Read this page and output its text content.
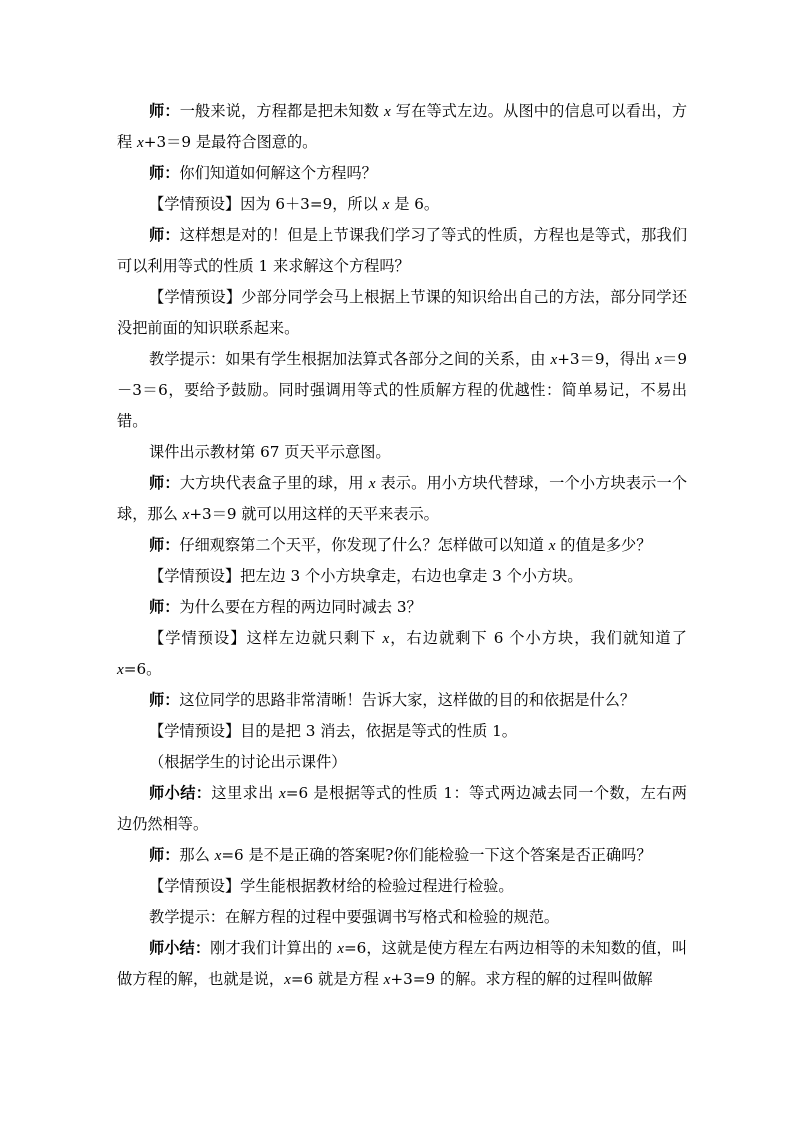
师：一般来说，方程都是把未知数 x 写在等式左边。从图中的信息可以看出，方程 x+3＝9 是最符合图意的。

师：你们知道如何解这个方程吗？

【学情预设】因为 6＋3=9，所以 x 是 6。

师：这样想是对的！但是上节课我们学习了等式的性质，方程也是等式，那我们可以利用等式的性质 1 来求解这个方程吗？

【学情预设】少部分同学会马上根据上节课的知识给出自己的方法，部分同学还没把前面的知识联系起来。

教学提示：如果有学生根据加法算式各部分之间的关系，由 x+3＝9，得出 x＝9－3＝6，要给予鼓励。同时强调用等式的性质解方程的优越性：简单易记，不易出错。

课件出示教材第 67 页天平示意图。

师：大方块代表盒子里的球，用 x 表示。用小方块代替球，一个小方块表示一个球，那么 x+3＝9 就可以用这样的天平来表示。

师：仔细观察第二个天平，你发现了什么？怎样做可以知道 x 的值是多少？

【学情预设】把左边 3 个小方块拿走，右边也拿走 3 个小方块。

师：为什么要在方程的两边同时减去 3？

【学情预设】这样左边就只剩下 x，右边就剩下 6 个小方块，我们就知道了 x=6。

师：这位同学的思路非常清晰！告诉大家，这样做的目的和依据是什么？

【学情预设】目的是把 3 消去，依据是等式的性质 1。

（根据学生的讨论出示课件）

师小结：这里求出 x=6 是根据等式的性质 1：等式两边减去同一个数，左右两边仍然相等。

师：那么 x=6 是不是正确的答案呢?你们能检验一下这个答案是否正确吗？

【学情预设】学生能根据教材给的检验过程进行检验。

教学提示：在解方程的过程中要强调书写格式和检验的规范。

师小结：刚才我们计算出的 x=6，这就是使方程左右两边相等的未知数的值，叫做方程的解，也就是说，x=6 就是方程 x+3=9 的解。求方程的解的过程叫做解
